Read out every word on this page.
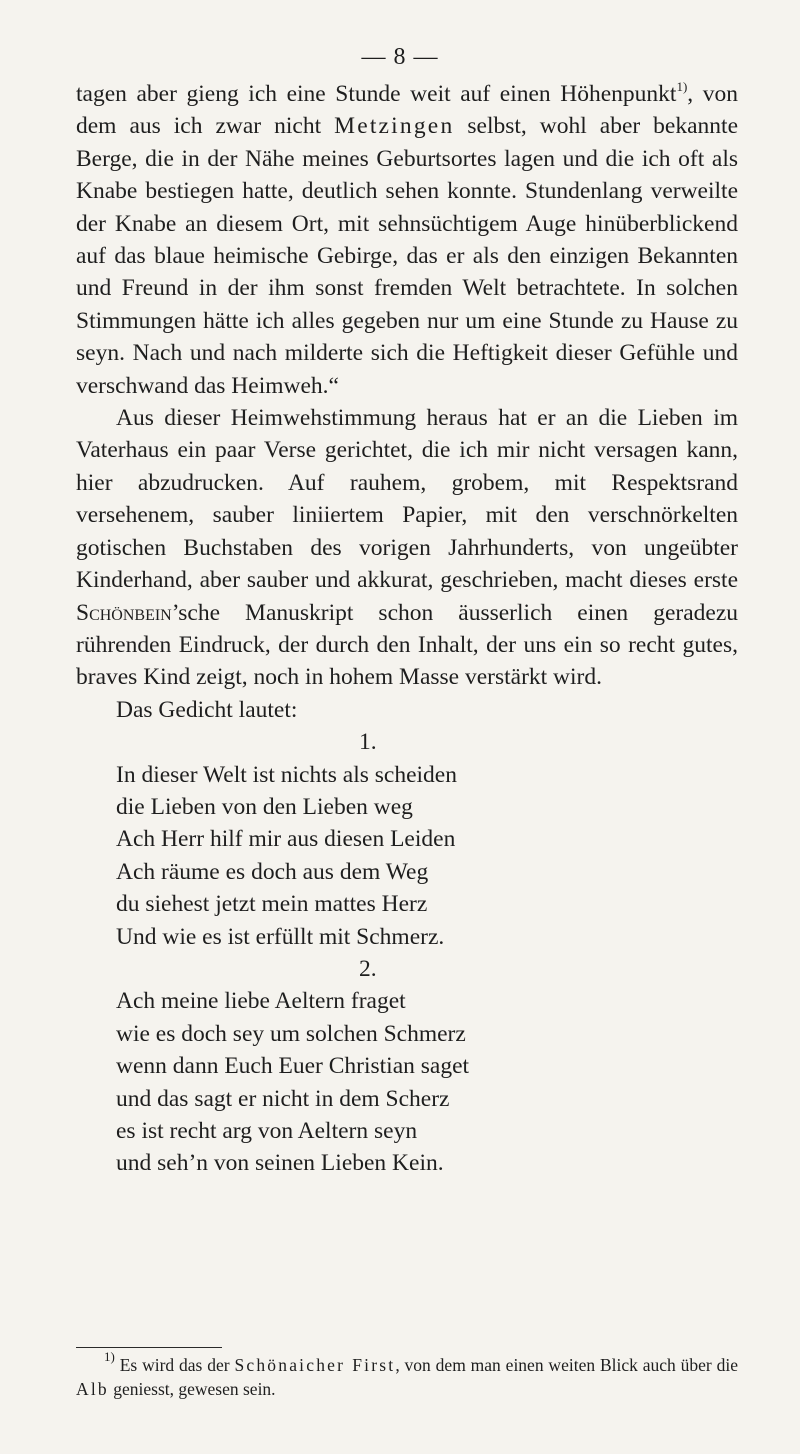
— 8 —

tagen aber gieng ich eine Stunde weit auf einen Höhenpunkt$^{1)}$, von dem aus ich zwar nicht Metzingen selbst, wohl aber bekannte Berge, die in der Nähe meines Geburtsortes lagen und die ich oft als Knabe bestiegen hatte, deutlich sehen konnte. Stundenlang verweilte der Knabe an diesem Ort, mit sehnsüchtigem Auge hinüberblickend auf das blaue heimische Gebirge, das er als den einzigen Bekannten und Freund in der ihm sonst fremden Welt betrachtete. In solchen Stimmungen hätte ich alles gegeben nur um eine Stunde zu Hause zu seyn. Nach und nach milderte sich die Heftigkeit dieser Gefühle und verschwand das Heimweh.“

Aus dieser Heimwehstimmung heraus hat er an die Lieben im Vaterhaus ein paar Verse gerichtet, die ich mir nicht versagen kann, hier abzudrucken. Auf rauhem, grobem, mit Respektsrand versehenem, sauber liniiertem Papier, mit den verschnörkelten gotischen Buchstaben des vorigen Jahrhunderts, von ungeübter Kinderhand, aber sauber und akkurat, geschrieben, macht dieses erste Schönbein’sche Manuskript schon äusserlich einen geradezu rührenden Eindruck, der durch den Inhalt, der uns ein so recht gutes, braves Kind zeigt, noch in hohem Masse verstärkt wird.

Das Gedicht lautet:

1.
In dieser Welt ist nichts als scheiden
die Lieben von den Lieben weg
Ach Herr hilf mir aus diesen Leiden
Ach räume es doch aus dem Weg
du siehest jetzt mein mattes Herz
Und wie es ist erfüllt mit Schmerz.
2.
Ach meine liebe Aeltern fraget
wie es doch sey um solchen Schmerz
wenn dann Euch Euer Christian saget
und das sagt er nicht in dem Scherz
es ist recht arg von Aeltern seyn
und seh’n von seinen Lieben Kein.
$^{1)}$ Es wird das der Schönaicher First, von dem man einen weiten Blick auch über die Alb geniesst, gewesen sein.
